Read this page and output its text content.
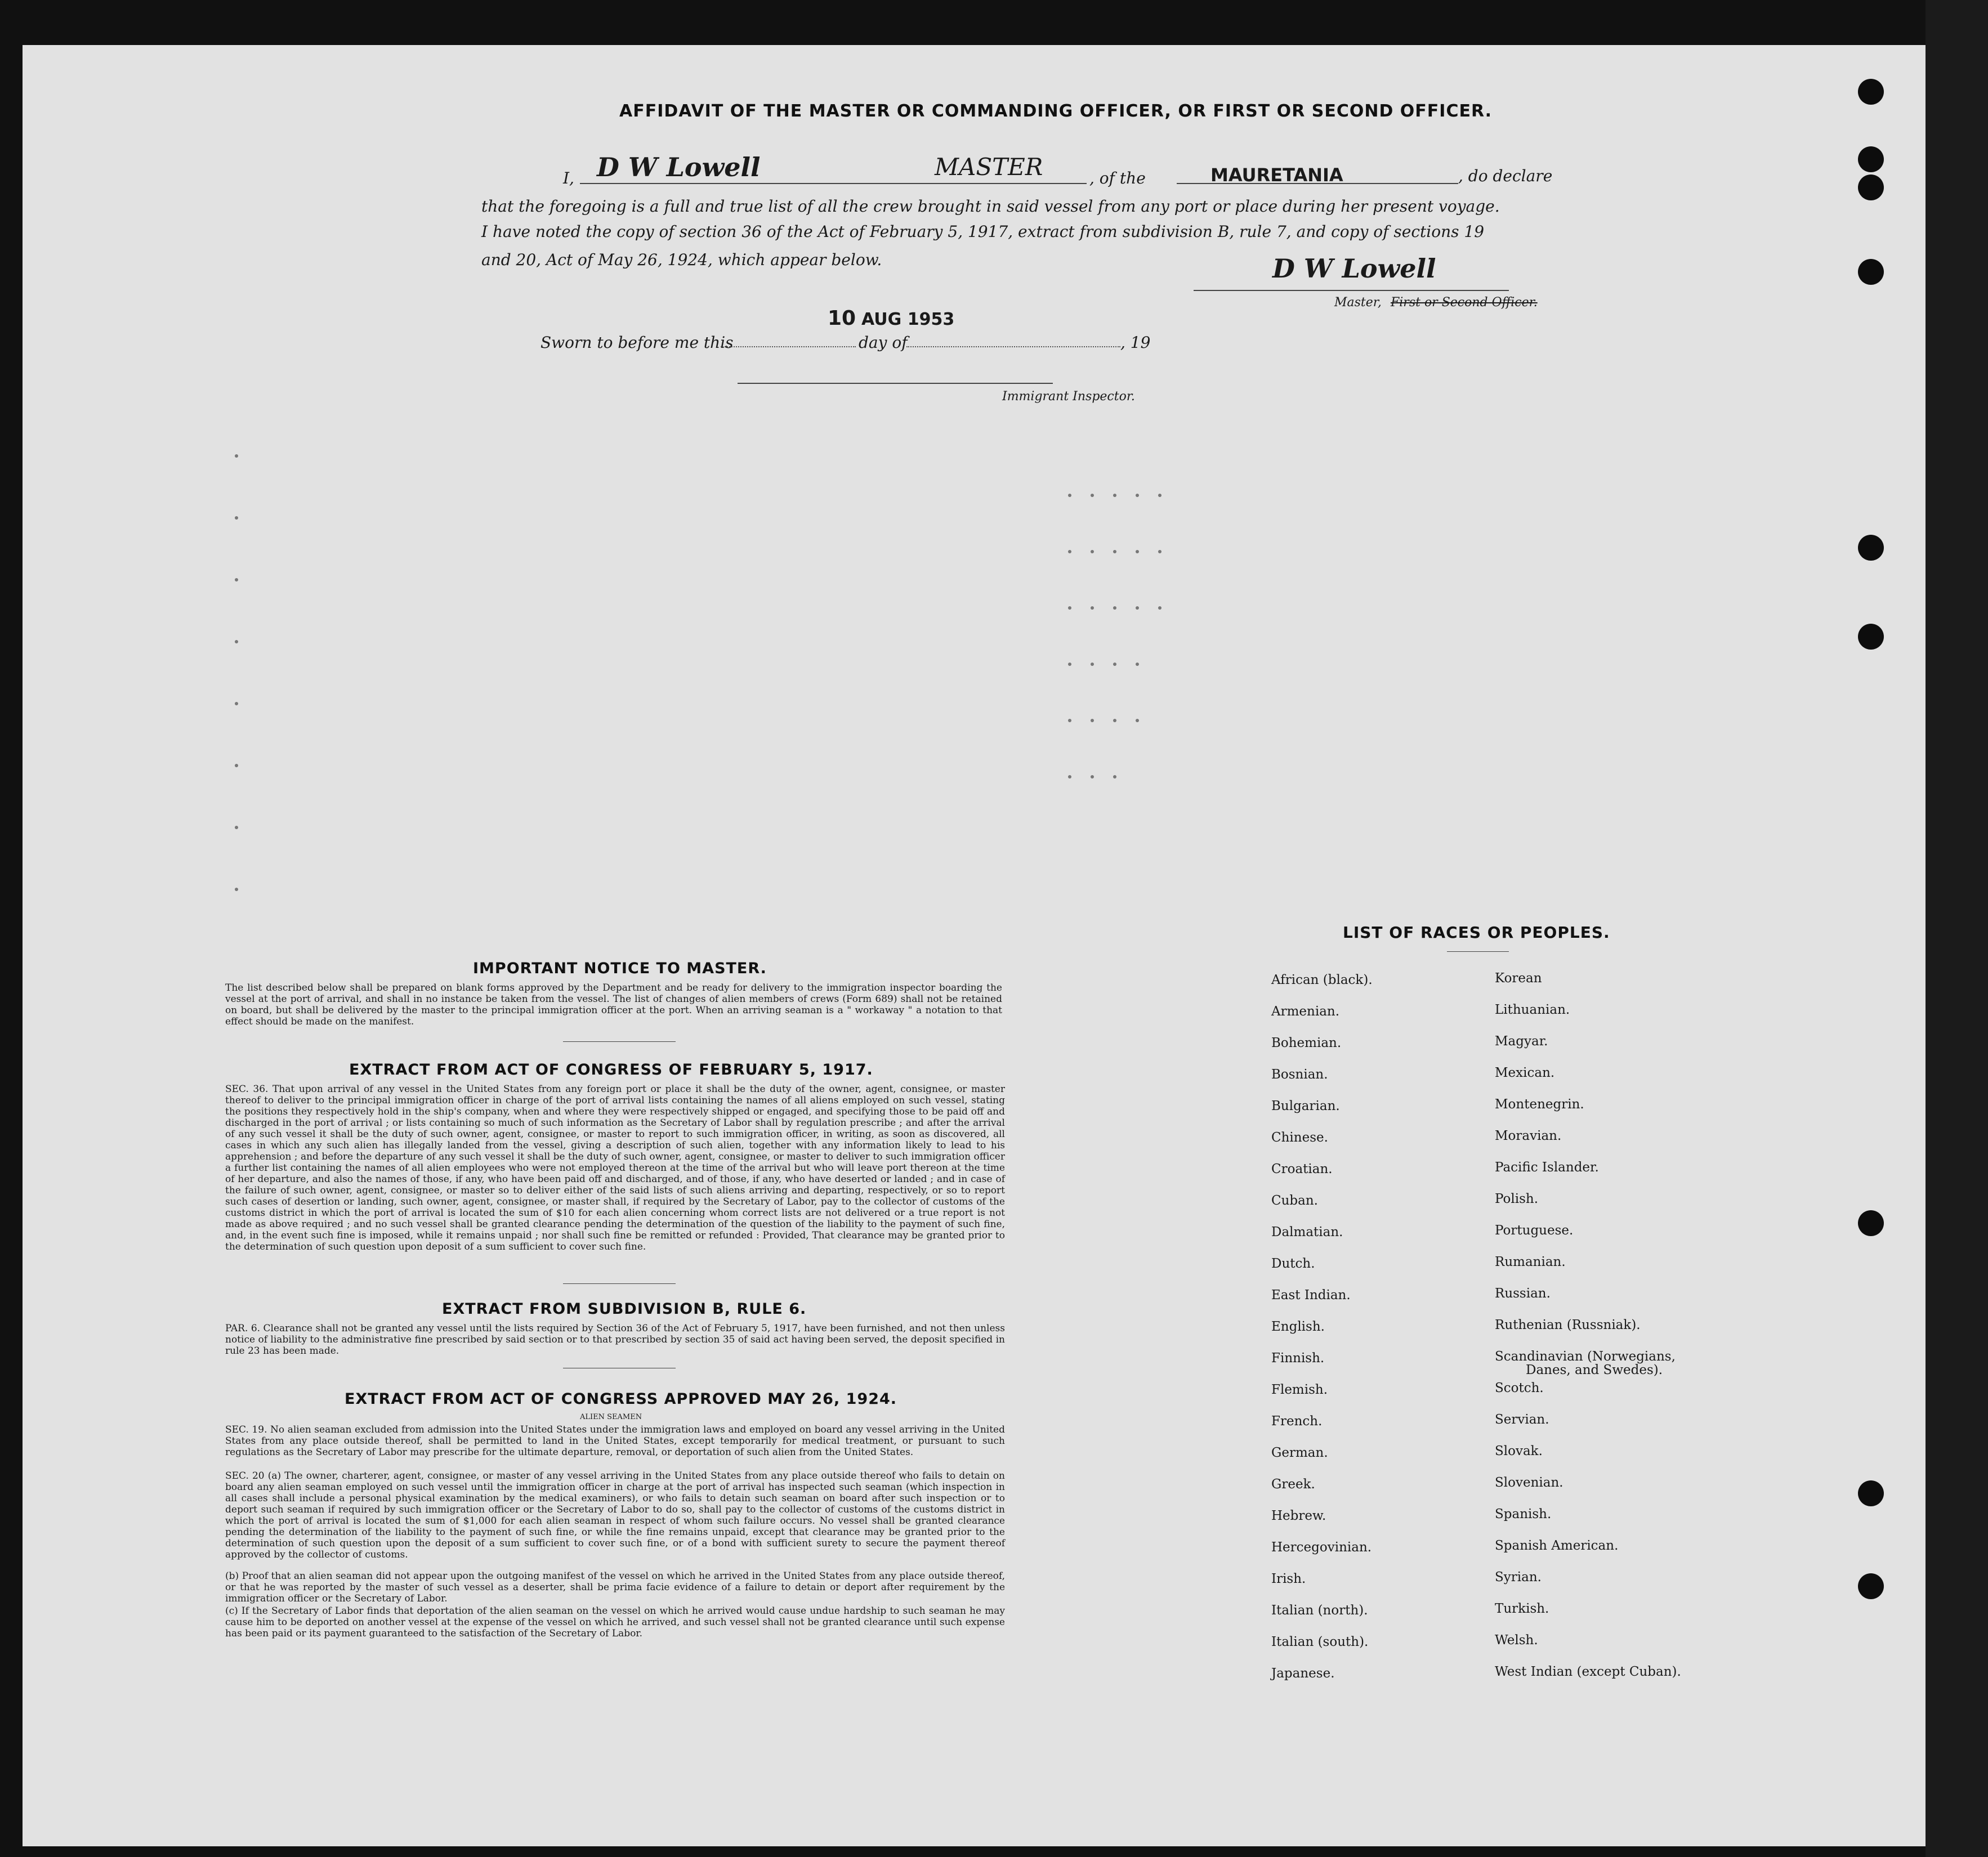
AFFIDAVIT OF THE MASTER OR COMMANDING OFFICER, OR FIRST OR SECOND OFFICER.
I, D W Lowell	MASTER	, of the	MAURETANIA	, do declare
that the foregoing is a full and true list of all the crew brought in said vessel from any port or place during her present voyage.
I have noted the copy of section 36 of the Act of February 5, 1917, extract from subdivision B, rule 7, and copy of sections 19
and 20, Act of May 26, 1924, which appear below.	D W Lowell
Master, First or Second Officer.
10 AUG 1953
Sworn to before me this	day of	, 19
Immigrant Inspector.
IMPORTANT NOTICE TO MASTER.
The list described below shall be prepared on blank forms approved by the Department and be ready for delivery to the immigration inspector boarding the vessel at the port of arrival, and shall in no instance be taken from the vessel. The list of changes of alien members of crews (Form 689) shall not be retained on board, but shall be delivered by the master to the principal immigration officer at the port. When an arriving seaman is a " workaway " a notation to that effect should be made on the manifest.
EXTRACT FROM ACT OF CONGRESS OF FEBRUARY 5, 1917.
SEC. 36. That upon arrival of any vessel in the United States from any foreign port or place it shall be the duty of the owner, agent, consignee, or master thereof to deliver to the principal immigration officer in charge of the port of arrival lists containing the names of all aliens employed on such vessel, stating the positions they respectively hold in the ship's company, when and where they were respectively shipped or engaged, and specifying those to be paid off and discharged in the port of arrival ; or lists containing so much of such information as the Secretary of Labor shall by regulation prescribe ; and after the arrival of any such vessel it shall be the duty of such owner, agent, consignee, or master to report to such immigration officer, in writing, as soon as discovered, all cases in which any such alien has illegally landed from the vessel, giving a description of such alien, together with any information likely to lead to his apprehension ; and before the departure of any such vessel it shall be the duty of such owner, agent, consignee, or master to deliver to such immigration officer a further list containing the names of all alien employees who were not employed thereon at the time of the arrival but who will leave port thereon at the time of her departure, and also the names of those, if any, who have been paid off and discharged, and of those, if any, who have deserted or landed ; and in case of the failure of such owner, agent, consignee, or master so to deliver either of the said lists of such aliens arriving and departing, respectively, or so to report such cases of desertion or landing, such owner, agent, consignee, or master shall, if required by the Secretary of Labor, pay to the collector of customs of the customs district in which the port of arrival is located the sum of $10 for each alien concerning whom correct lists are not delivered or a true report is not made as above required ; and no such vessel shall be granted clearance pending the determination of the question of the liability to the payment of such fine, and, in the event such fine is imposed, while it remains unpaid ; nor shall such fine be remitted or refunded : Provided, That clearance may be granted prior to the determination of such question upon deposit of a sum sufficient to cover such fine.
EXTRACT FROM SUBDIVISION B, RULE 6.
PAR. 6. Clearance shall not be granted any vessel until the lists required by Section 36 of the Act of February 5, 1917, have been furnished, and not then unless notice of liability to the administrative fine prescribed by said section or to that prescribed by section 35 of said act having been served, the deposit specified in rule 23 has been made.
EXTRACT FROM ACT OF CONGRESS APPROVED MAY 26, 1924.
ALIEN SEAMEN
SEC. 19. No alien seaman excluded from admission into the United States under the immigration laws and employed on board any vessel arriving in the United States from any place outside thereof, shall be permitted to land in the United States, except temporarily for medical treatment, or pursuant to such regulations as the Secretary of Labor may prescribe for the ultimate departure, removal, or deportation of such alien from the United States.
SEC. 20 (a) The owner, charterer, agent, consignee, or master of any vessel arriving in the United States from any place outside thereof who fails to detain on board any alien seaman employed on such vessel until the immigration officer in charge at the port of arrival has inspected such seaman (which inspection in all cases shall include a personal physical examination by the medical examiners), or who fails to detain such seaman on board after such inspection or to deport such seaman if required by such immigration officer or the Secretary of Labor to do so, shall pay to the collector of customs of the customs district in which the port of arrival is located the sum of $1,000 for each alien seaman in respect of whom such failure occurs. No vessel shall be granted clearance pending the determination of the liability to the payment of such fine, or while the fine remains unpaid, except that clearance may be granted prior to the determination of such question upon the deposit of a sum sufficient to cover such fine, or of a bond with sufficient surety to secure the payment thereof approved by the collector of customs.
(b) Proof that an alien seaman did not appear upon the outgoing manifest of the vessel on which he arrived in the United States from any place outside thereof, or that he was reported by the master of such vessel as a deserter, shall be prima facie evidence of a failure to detain or deport after requirement by the immigration officer or the Secretary of Labor.
(c) If the Secretary of Labor finds that deportation of the alien seaman on the vessel on which he arrived would cause undue hardship to such seaman he may cause him to be deported on another vessel at the expense of the vessel on which he arrived, and such vessel shall not be granted clearance until such expense has been paid or its payment guaranteed to the satisfaction of the Secretary of Labor.
LIST OF RACES OR PEOPLES.
African (black).
Armenian.
Bohemian.
Bosnian.
Bulgarian.
Chinese.
Croatian.
Cuban.
Dalmatian.
Dutch.
East Indian.
English.
Finnish.
Flemish.
French.
German.
Greek.
Hebrew.
Hercegovinian.
Irish.
Italian (north).
Italian (south).
Japanese.
Korean
Lithuanian.
Magyar.
Mexican.
Montenegrin.
Moravian.
Pacific Islander.
Polish.
Portuguese.
Rumanian.
Russian.
Ruthenian (Russniak).
Scandinavian (Norwegians,
Danes, and Swedes).
Scotch.
Servian.
Slovak.
Slovenian.
Spanish.
Spanish American.
Syrian.
Turkish.
Welsh.
West Indian (except Cuban).
